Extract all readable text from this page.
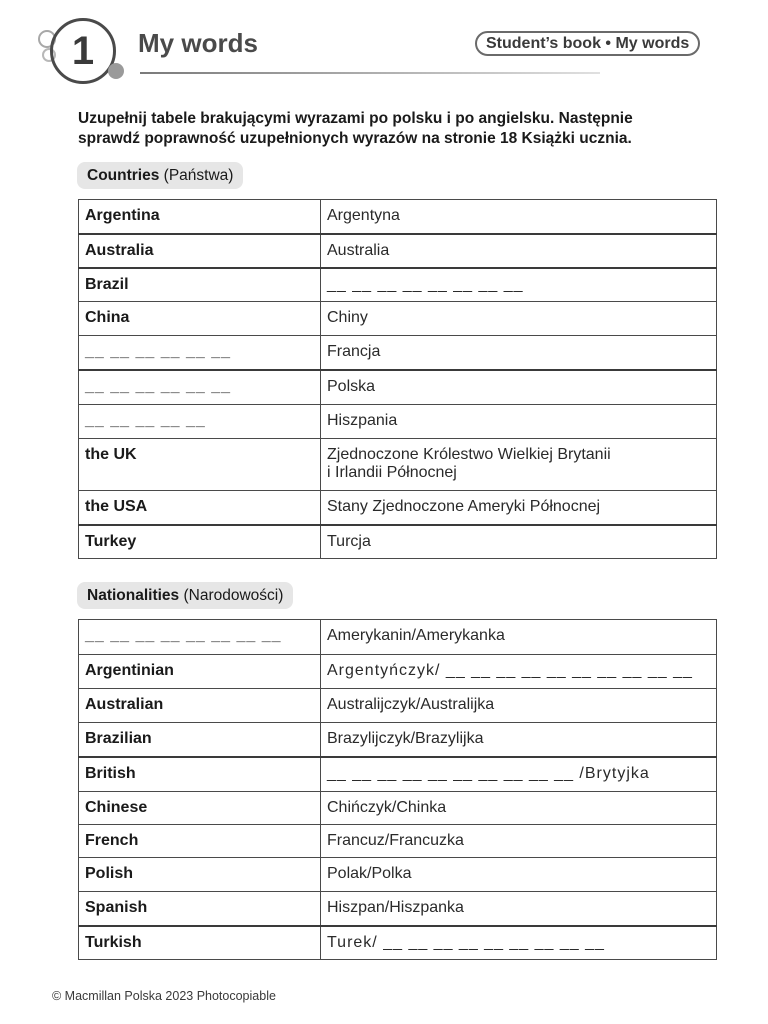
1	My words	Student’s book • My words
Uzupełnij tabele brakującymi wyrazami po polsku i po angielsku. Następnie sprawdź poprawność uzupełnionych wyrazów na stronie 18 Książki ucznia.
Countries (Państwa)
Argentina	Argentyna
Australia	Australia
Brazil	__ __ __ __ __ __ __ __
China	Chiny
__ __ __ __ __ __	Francja
__ __ __ __ __ __	Polska
__ __ __ __ __	Hiszpania
the UK	Zjednoczone Królestwo Wielkiej Brytanii
i Irlandii Północnej
the USA	Stany Zjednoczone Ameryki Północnej
Turkey	Turcja
Nationalities (Narodowości)
__ __ __ __ __ __ __ __	Amerykanin/Amerykanka
Argentinian	Argentyńczyk/ __ __ __ __ __ __ __ __ __ __
Australian	Australijczyk/Australijka
Brazilian	Brazylijczyk/Brazylijka
British	__ __ __ __ __ __ __ __ __ __ /Brytyjka
Chinese	Chińczyk/Chinka
French	Francuz/Francuzka
Polish	Polak/Polka
Spanish	Hiszpan/Hiszpanka
Turkish	Turek/ __ __ __ __ __ __ __ __ __
© Macmillan Polska 2023 Photocopiable
